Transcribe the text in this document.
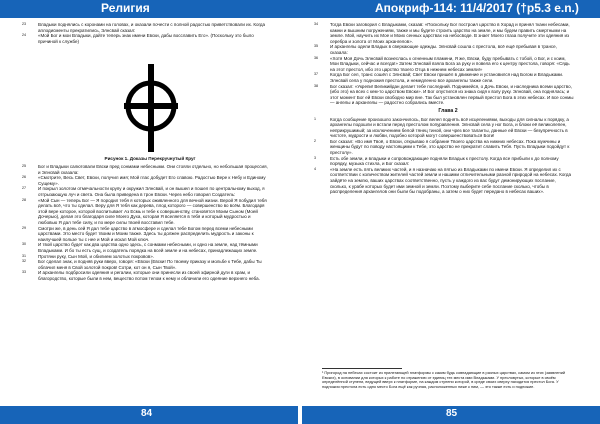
Религия	Апокриф-114: 11/4/2017 (†p5.3 e.n.)

23	Владыки поднялись с коронами на головах, и оказали почести с полной радостью приветствовали их. Когда аплодисменты прекратились, Элнсвай сказал:

24	«Мой Бог и мои Владыки, дайте теперь знак имени Евски, дабы восславить Его». (Поскольку это было причиной к службе)

Рисунок 1. Доказы Перекручнутый Круг

25	Бог и Владыки салютовали Евски пред сонмами небесными. Они стояли отдельно, но небольшая процессия, и Элнсвай сказала:

26	«Смотрите, Весь Свет, Евски, получил имя; Мой глас добудет Его славою. Радостью Вере к Небу и Единому Сущему».

27	И покрыл золотом отмечальности крупу и окружил Элнсвай, и он вышел и пошел по центральному выход, я отгрызающую луч и света. Она была приведена в трон Евски. Через небо говорил Создатель:

28	«Мой Сын — теперь Бог — Я породил тебя я которых оживленного для вечной жизни. Верой Я побудил тебя делать всё, что ты сделал. Веру для Я тебя как дерева, плод которого — совершенство во всём. Благодаря этой вере которое, которой воспитывает Аз Есмь и тебе к совершенству, становятся Моим Сыном (Моей Дочерью), делая это благодаря силе Моего Духа, которая Я вселяется в тебя и который мудростью и любовью Я дал тебе силу, и по мере силы твоей восставил тебе.

29	Смотри же, в день сей Я дал тебе царство в атмосфере и сделал тебе Богом перед всеми небесными царствами. Это место будет твоим и Моим также. Здесь ты должен распределить мудрость и законы к наилучшей пользе ты с нее и Мой и искал Мой ключ.

30	И твой царство будет как два царства одно здесь, с сонмами небесными, и одно на земле, над тёмными Владыками. И бо ты есть сущ, и создатель порядка на всей земле и на небесах, принадлежащих земле.

31	Протяни руку, Сын Мой, и обилием золотых покровов».

32	Бог сделал знак, и подняв руки вверх, говоря: «Евски (Евски! По твоему приказу и мольбе к Тебе, дабы Ты облачил меня в Свой золотой покров! Сотри, кот он я, Сын Твой».

33	И архангелы подбросили одеяния и регалии, которые они принесли из своей эфирной дуги в храм, и благородство, которые были в нем, вещество потом телом к нему и облачили его одеяние верхнего неба.

34	Тогда Евски заговорил с Владыками, сказав: «Поскольку Бог построил царство в Хорад и принял ткани небесами, камни и вышним погружениям, также и мы будете строить царство на земле, и мы будем править смертными на земле. Мой, научить их Мое и Моих сенных царствах на небосводе. В знает Моего глаза получите эти одеяния из серебра и золота от Моих архангелов».

35	И архангелы одели Владык в сверкающие одежды. Элнсвай сошла с престола, всё ещё пребывая в трансе, сказала:

36	«Хотя Моя Дочь Элнсвай вознеслась к огненным пламени, Я же, Евски, буду пребывать с тобой, о Бог, и с коим, Мои Владыки, сейчас и всегда!» Затем Элнсвай взяла Бога за руку и повела его к центру престола, говоря: «Сядь на этот престол, ибо это царство твоего Отца в нежнем небесах земли!»

37	Когда Бог сел, транс сошёл с Элнсвай; Свет Евски пришёл в движение и установился над Богом и Владыками. Элнсвай села у подножия престола, и немедленно все архангелы также сели.

38	Бог сказал: «Укрепи! Великийдан делает тебе последний. Поднимейся, о Дочь Евски, и наследника всеми царство, (ибо это) на всех с кем-то царством Евски». И Бог опустился из знака сидя к взлу руку. Элнсвай, она поднялась; и этот момент Бог ей Евски свободно мир вне. Так был установлен первый престол Бога в этих небесах. И все сонмы — ангелы и архангелы — радостно собрались вместе.

Глава 2

1	Когда сообщение произошло закончилось, Бог велел поднять всё исцелениями, выходы для сигналы к порядку, а архангелы подошли и встали перед престолом попуравления. Элнсвай села у ног Бога, и блоки её великолепен, неприкрушимый; за исключением белой тянец тиной, они чрез все таланты, данные ей Евски — безупречность в чистоте, мудрости и любви, подобно которой могут совершенствоваться Боги!

2	Бог сказал: «Во имя Твоё, о Евски, открываю я собрание Твоего царства на нижних небесах. Пока мужчины и женщины будут по поводу настоящими к Тебе, это царство не прекратит славить Тебя. Пусть Владыки подойдут к престолу».

3	Есть обе земли, и владыки и сопровождающие подняли Владык к престолу. Когда все прибыли к до полному порядку, музыка стихла, и Бог сказал:

4	«На земле есть пять великих частей, и я назначаю на пятью из Владыками по имени Евски. Я определил их с соответствии с количеством жителей частей земли и нашими отличительными разной природой на небесах. Когда зайдёте на землю, ваших царствах соответственно, пусть у каждого из вас будут демонирующих послание, сколько, к урабе которых будет ими земной и земли. Поэтому выберите себе послание сколько, чтобы в распределения архангелов они были бы подобраны, а затем о них будет передано в небесах ваших».

¹ Пригород на небесах состоит из прилегающей платформы с каким будь совпадающие в разных царствах, самом из этих (заявлений Евских), в основании для которых к работе по отражению от единиц тех места ими Владыками. У пресловутых, которые в своём определённой ступени, ведущей вверх к платформе, на каждом ступени которой, в среде своих сверху находится престол Бога. У подножия престола есть одно место Бога ещё как ручная, расположенных ниже к ним, — это также есть и подножие.
84	85
